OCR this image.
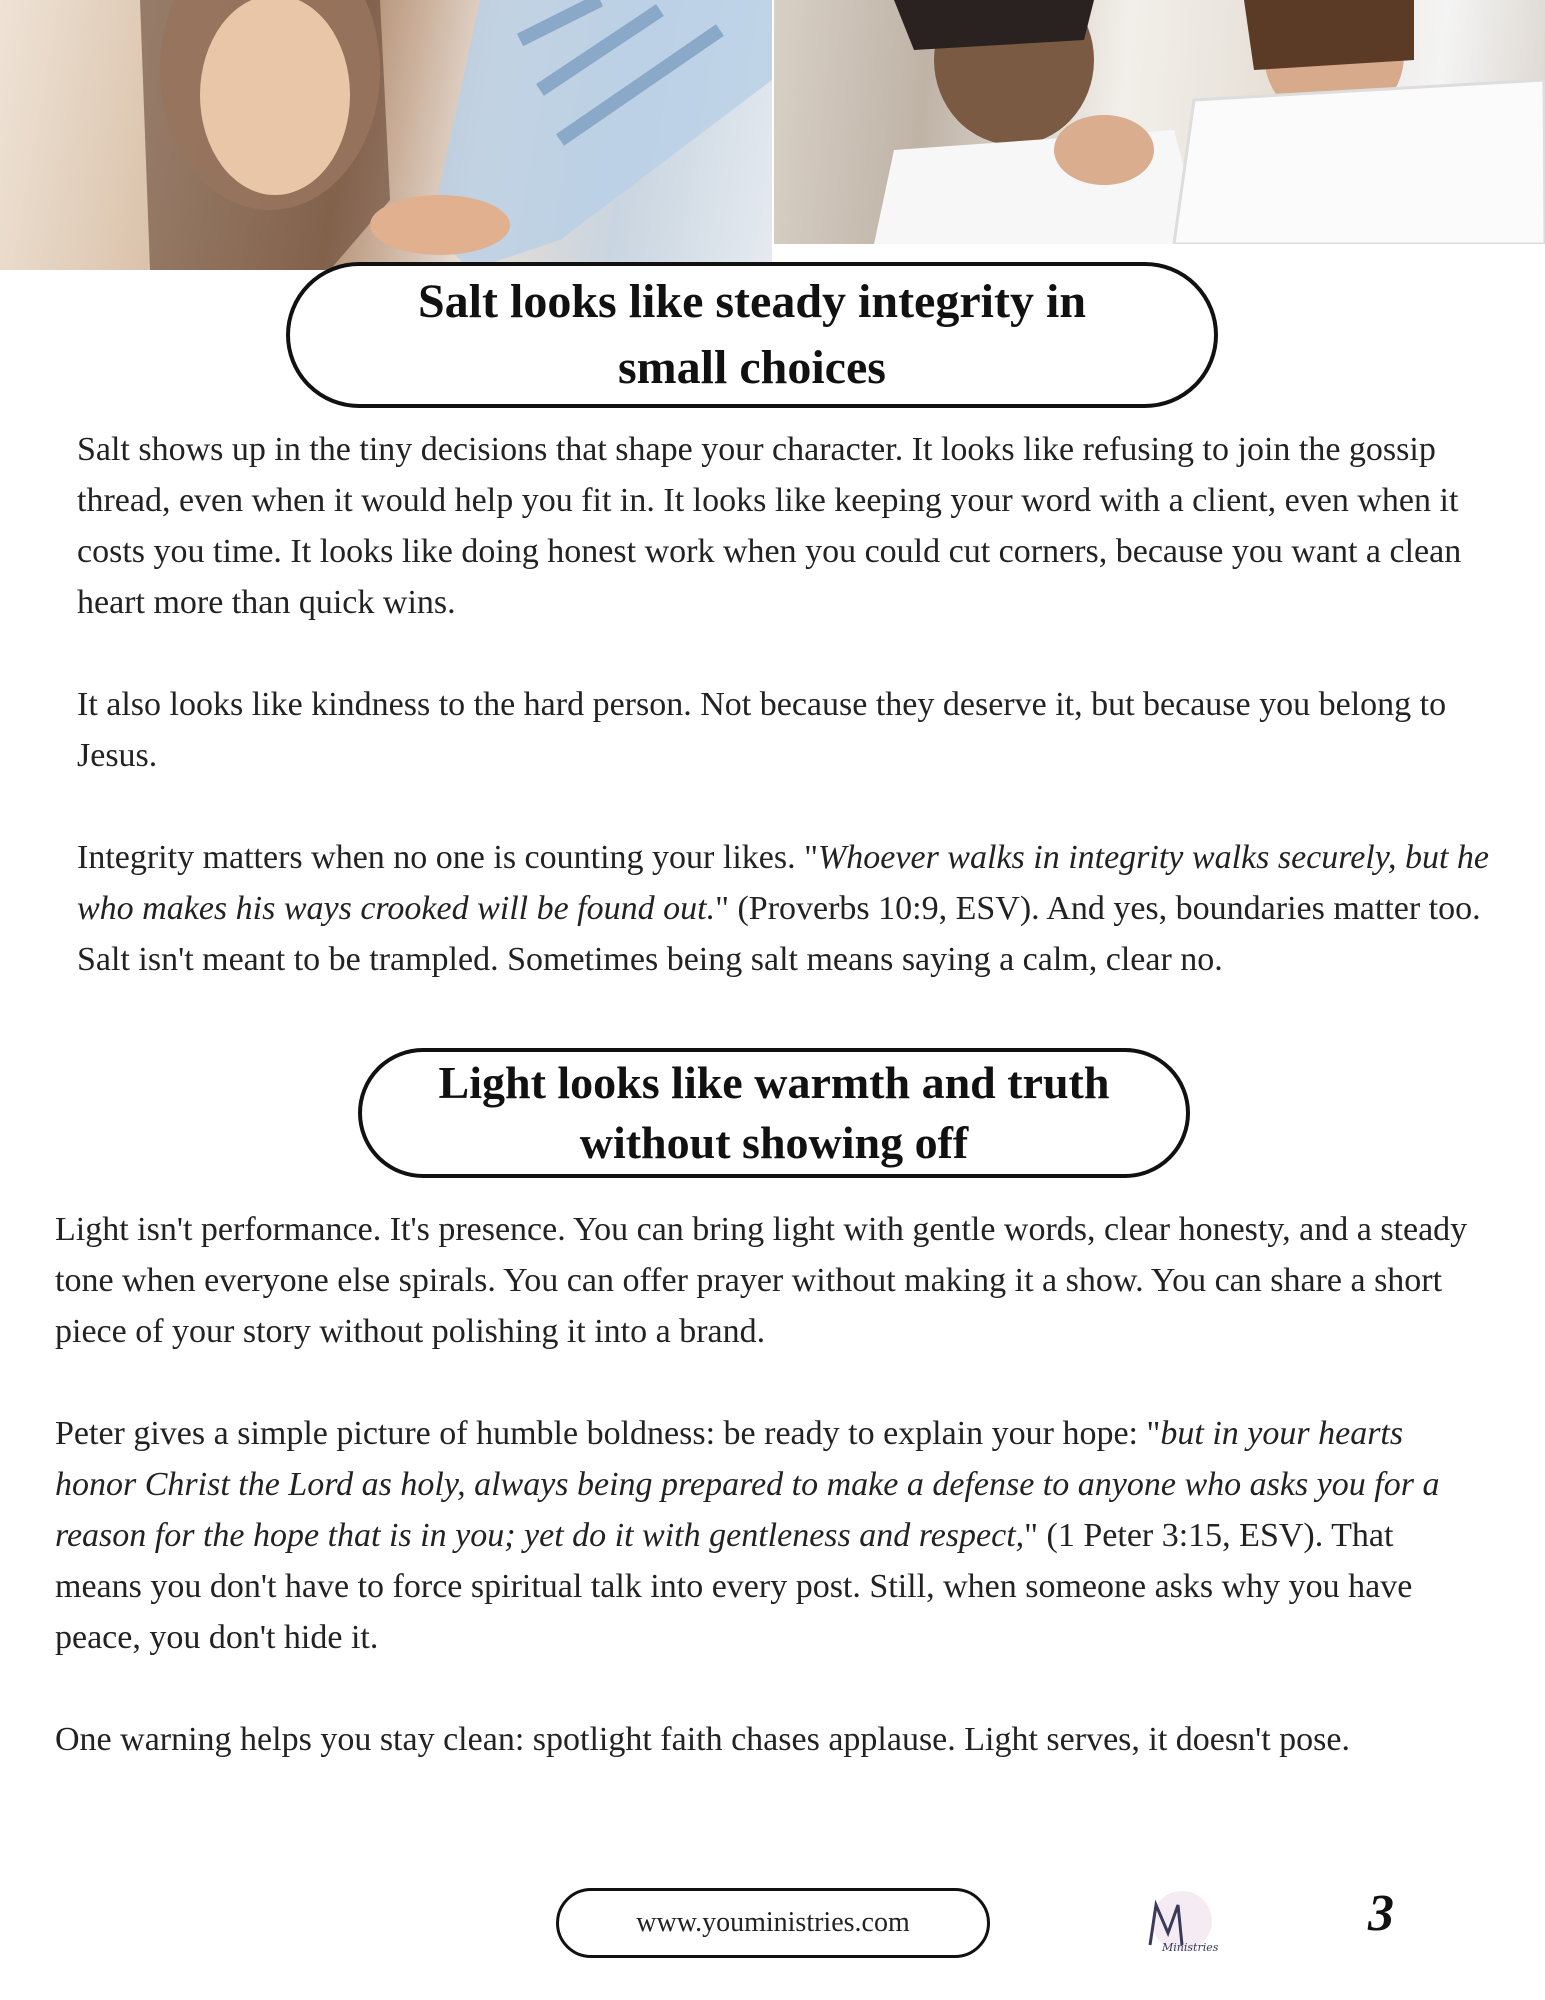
Salt looks like steady integrity in
small choices

Salt shows up in the tiny decisions that shape your character. It looks like refusing to join the gossip thread, even when it would help you fit in. It looks like keeping your word with a client, even when it costs you time. It looks like doing honest work when you could cut corners, because you want a clean heart more than quick wins.

It also looks like kindness to the hard person. Not because they deserve it, but because you belong to Jesus.

Integrity matters when no one is counting your likes. "Whoever walks in integrity walks securely, but he who makes his ways crooked will be found out." (Proverbs 10:9, ESV). And yes, boundaries matter too. Salt isn't meant to be trampled. Sometimes being salt means saying a calm, clear no.

Light looks like warmth and truth
without showing off

Light isn't performance. It's presence. You can bring light with gentle words, clear honesty, and a steady tone when everyone else spirals. You can offer prayer without making it a show. You can share a short piece of your story without polishing it into a brand.

Peter gives a simple picture of humble boldness: be ready to explain your hope: "but in your hearts honor Christ the Lord as holy, always being prepared to make a defense to anyone who asks you for a reason for the hope that is in you; yet do it with gentleness and respect," (1 Peter 3:15, ESV). That means you don't have to force spiritual talk into every post. Still, when someone asks why you have peace, you don't hide it.

One warning helps you stay clean: spotlight faith chases applause. Light serves, it doesn't pose.

www.youministries.com
Ministries
3
